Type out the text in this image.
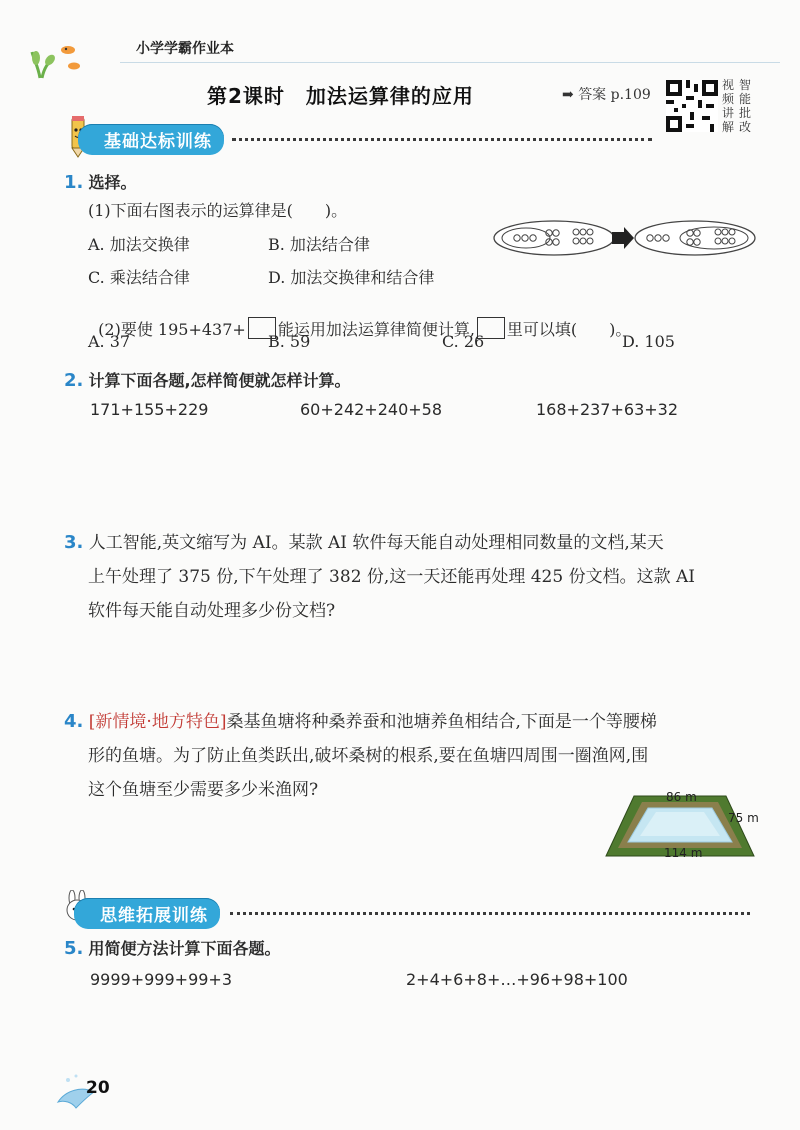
小学学霸作业本
第2课时　加法运算律的应用	➡ 答案 p.109
视 智
频 能
讲 批
解 改
基础达标训练
1. 选择。
(1)下面右图表示的运算律是(　　)。
A. 加法交换律	B. 加法结合律
C. 乘法结合律	D. 加法交换律和结合律

(2)要使 195+437+ 能运用加法运算律简便计算, 里可以填(　　)。

A. 37	B. 59	C. 26	D. 105
2. 计算下面各题,怎样简便就怎样计算。
171+155+229	60+242+240+58	168+237+63+32
3. 人工智能,英文缩写为 AI。某款 AI 软件每天能自动处理相同数量的文档,某天
上午处理了 375 份,下午处理了 382 份,这一天还能再处理 425 份文档。这款 AI
软件每天能自动处理多少份文档?
4. [新情境·地方特色]桑基鱼塘将种桑养蚕和池塘养鱼相结合,下面是一个等腰梯
形的鱼塘。为了防止鱼类跃出,破坏桑树的根系,要在鱼塘四周围一圈渔网,围
这个鱼塘至少需要多少米渔网?	86 m
75 m
114 m
思维拓展训练
5. 用简便方法计算下面各题。
9999+999+99+3	2+4+6+8+…+96+98+100
20
